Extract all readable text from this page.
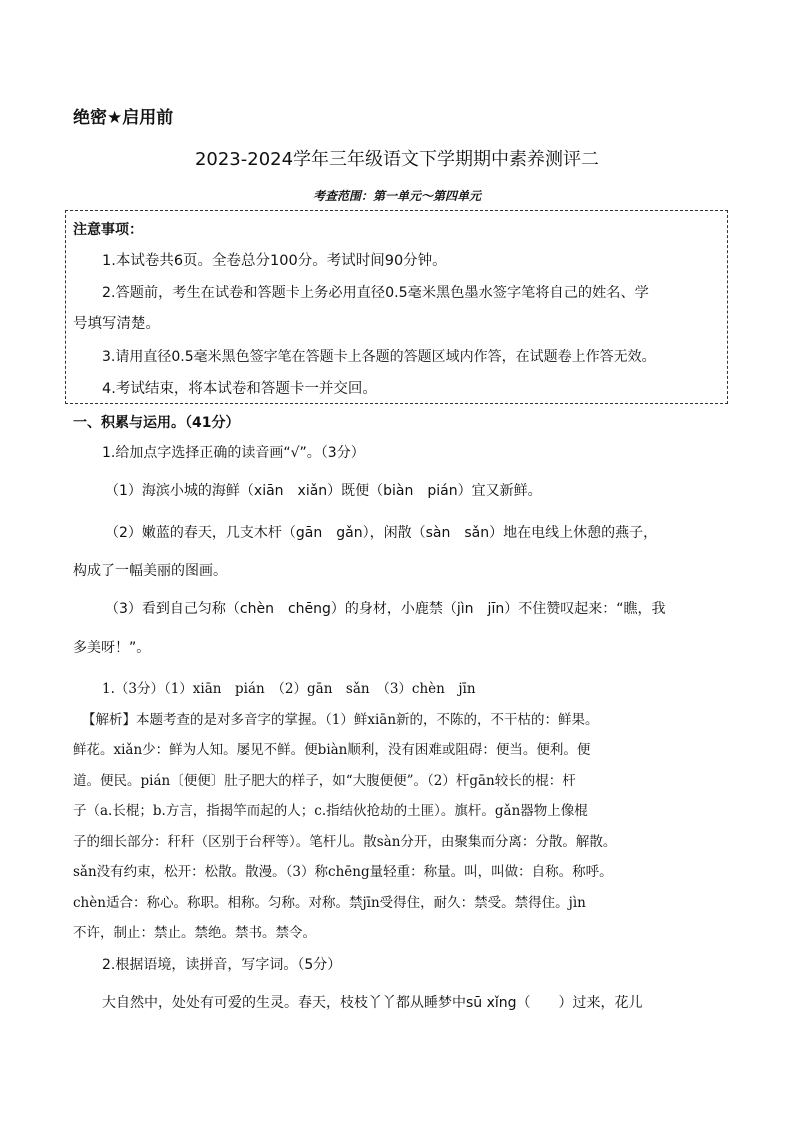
绝密★启用前
2023-2024学年三年级语文下学期期中素养测评二
考查范围：第一单元～第四单元
注意事项：
1.本试卷共6页。全卷总分100分。考试时间90分钟。
2.答题前，考生在试卷和答题卡上务必用直径0.5毫米黑色墨水签字笔将自己的姓名、学
号填写清楚。
3.请用直径0.5毫米黑色签字笔在答题卡上各题的答题区域内作答，在试题卷上作答无效。
4.考试结束，将本试卷和答题卡一并交回。
一、积累与运用。（41分）
1.给加点字选择正确的读音画“√”。（3分）
（1）海滨小城的海鲜（xiān　xiǎn）既便（biàn　pián）宜又新鲜。
（2）嫩蓝的春天，几支木杆（gān　gǎn），闲散（sàn　sǎn）地在电线上休憩的燕子，
构成了一幅美丽的图画。
（3）看到自己匀称（chèn　chēng）的身材，小鹿禁（jìn　jīn）不住赞叹起来：“瞧，我
多美呀！”。
1.（3分）（1）xiān　pián　（2）gān　sǎn　（3）chèn　jīn
【解析】本题考查的是对多音字的掌握。（1）鲜xiān新的，不陈的，不干枯的：鲜果。
鲜花。xiǎn少：鲜为人知。屡见不鲜。便biàn顺利，没有困难或阻碍：便当。便利。便
道。便民。pián〔便便〕肚子肥大的样子，如“大腹便便”。（2）杆gān较长的棍：杆
子（a.长棍；b.方言，指揭竿而起的人；c.指结伙抢劫的土匪）。旗杆。gǎn器物上像棍
子的细长部分：秆秆（区别于台秤等）。笔杆儿。散sàn分开，由聚集而分离：分散。解散。
sǎn没有约束，松开：松散。散漫。（3）称chēng量轻重：称量。叫，叫做：自称。称呼。
chèn适合：称心。称职。相称。匀称。对称。禁jīn受得住，耐久：禁受。禁得住。jìn
不许，制止：禁止。禁绝。禁书。禁令。
2.根据语境，读拼音，写字词。（5分）
大自然中，处处有可爱的生灵。春天，枝枝丫丫都从睡梦中sū xǐng（　　）过来，花儿
